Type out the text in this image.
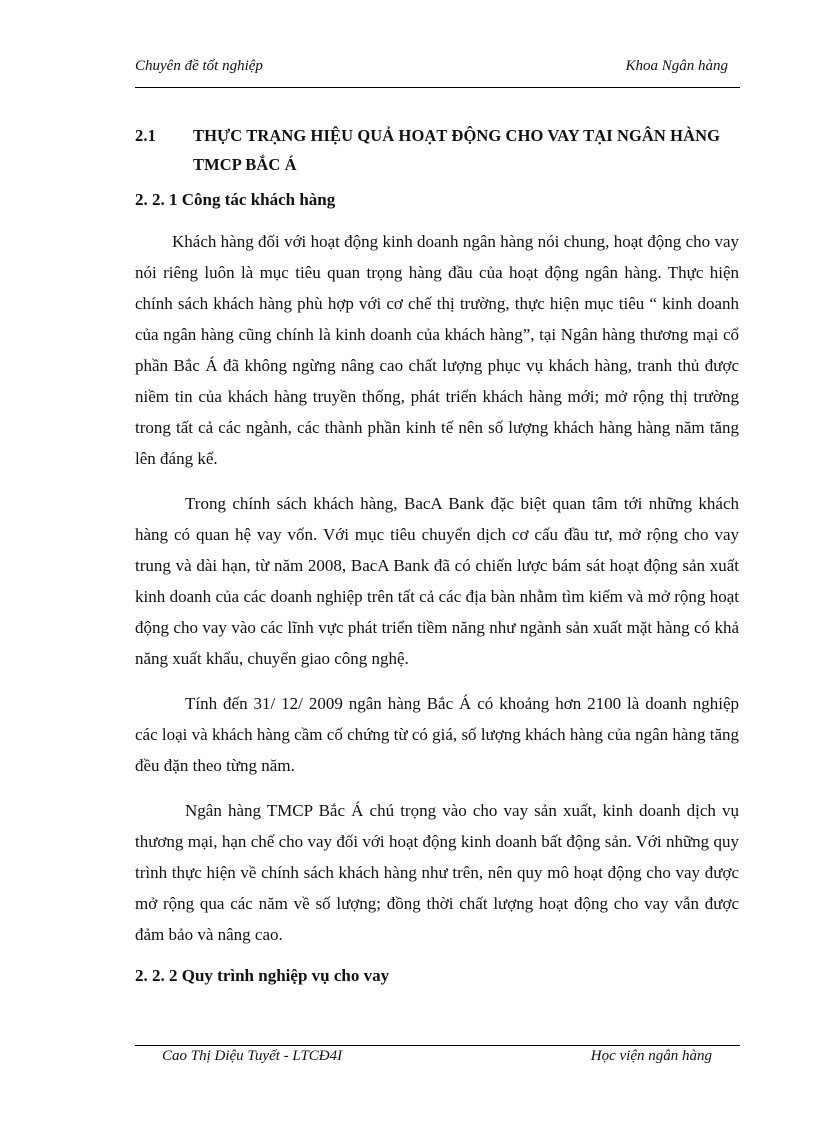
Chuyên đề tốt nghiệp	Khoa Ngân hàng
2.1	THỰC TRẠNG HIỆU QUẢ HOẠT ĐỘNG CHO VAY TẠI NGÂN HÀNG TMCP BẮC Á
2. 2. 1 Công tác khách hàng

Khách hàng đối với hoạt động kinh doanh ngân hàng nói chung, hoạt động cho vay nói riêng luôn là mục tiêu quan trọng hàng đầu của hoạt động ngân hàng. Thực hiện chính sách khách hàng phù hợp với cơ chế thị trường, thực hiện mục tiêu “ kinh doanh của ngân hàng cũng chính là kinh doanh của khách hàng”, tại Ngân hàng thương mại cổ phần Bắc Á đã không ngừng nâng cao chất lượng phục vụ khách hàng, tranh thủ được niềm tin của khách hàng truyền thống, phát triển khách hàng mới; mở rộng thị trường trong tất cả các ngành, các thành phần kinh tế nên số lượng khách hàng hàng năm tăng lên đáng kể.

Trong chính sách khách hàng, BacA Bank đặc biệt quan tâm tới những khách hàng có quan hệ vay vốn. Với mục tiêu chuyển dịch cơ cấu đầu tư, mở rộng cho vay trung và dài hạn, từ năm 2008, BacA Bank đã có chiến lược bám sát hoạt động sản xuất kinh doanh của các doanh nghiệp trên tất cả các địa bàn nhằm tìm kiếm và mở rộng hoạt động cho vay vào các lĩnh vực phát triển tiềm năng như ngành sản xuất mặt hàng có khả năng xuất khẩu, chuyển giao công nghệ.

Tính đến 31/ 12/ 2009 ngân hàng Bắc Á có khoảng hơn 2100 là doanh nghiệp các loại và khách hàng cầm cố chứng từ có giá, số lượng khách hàng của ngân hàng tăng đều đặn theo từng năm.

Ngân hàng TMCP Bắc Á chú trọng vào cho vay sản xuất, kinh doanh dịch vụ thương mại, hạn chế cho vay đối với hoạt động kinh doanh bất động sản. Với những quy trình thực hiện về chính sách khách hàng như trên, nên quy mô hoạt động cho vay được mở rộng qua các năm về số lượng; đồng thời chất lượng hoạt động cho vay vẫn được đảm bảo và nâng cao.

2. 2. 2 Quy trình nghiệp vụ cho vay
Cao Thị Diệu Tuyết - LTCĐ4I	Học viện ngân hàng
